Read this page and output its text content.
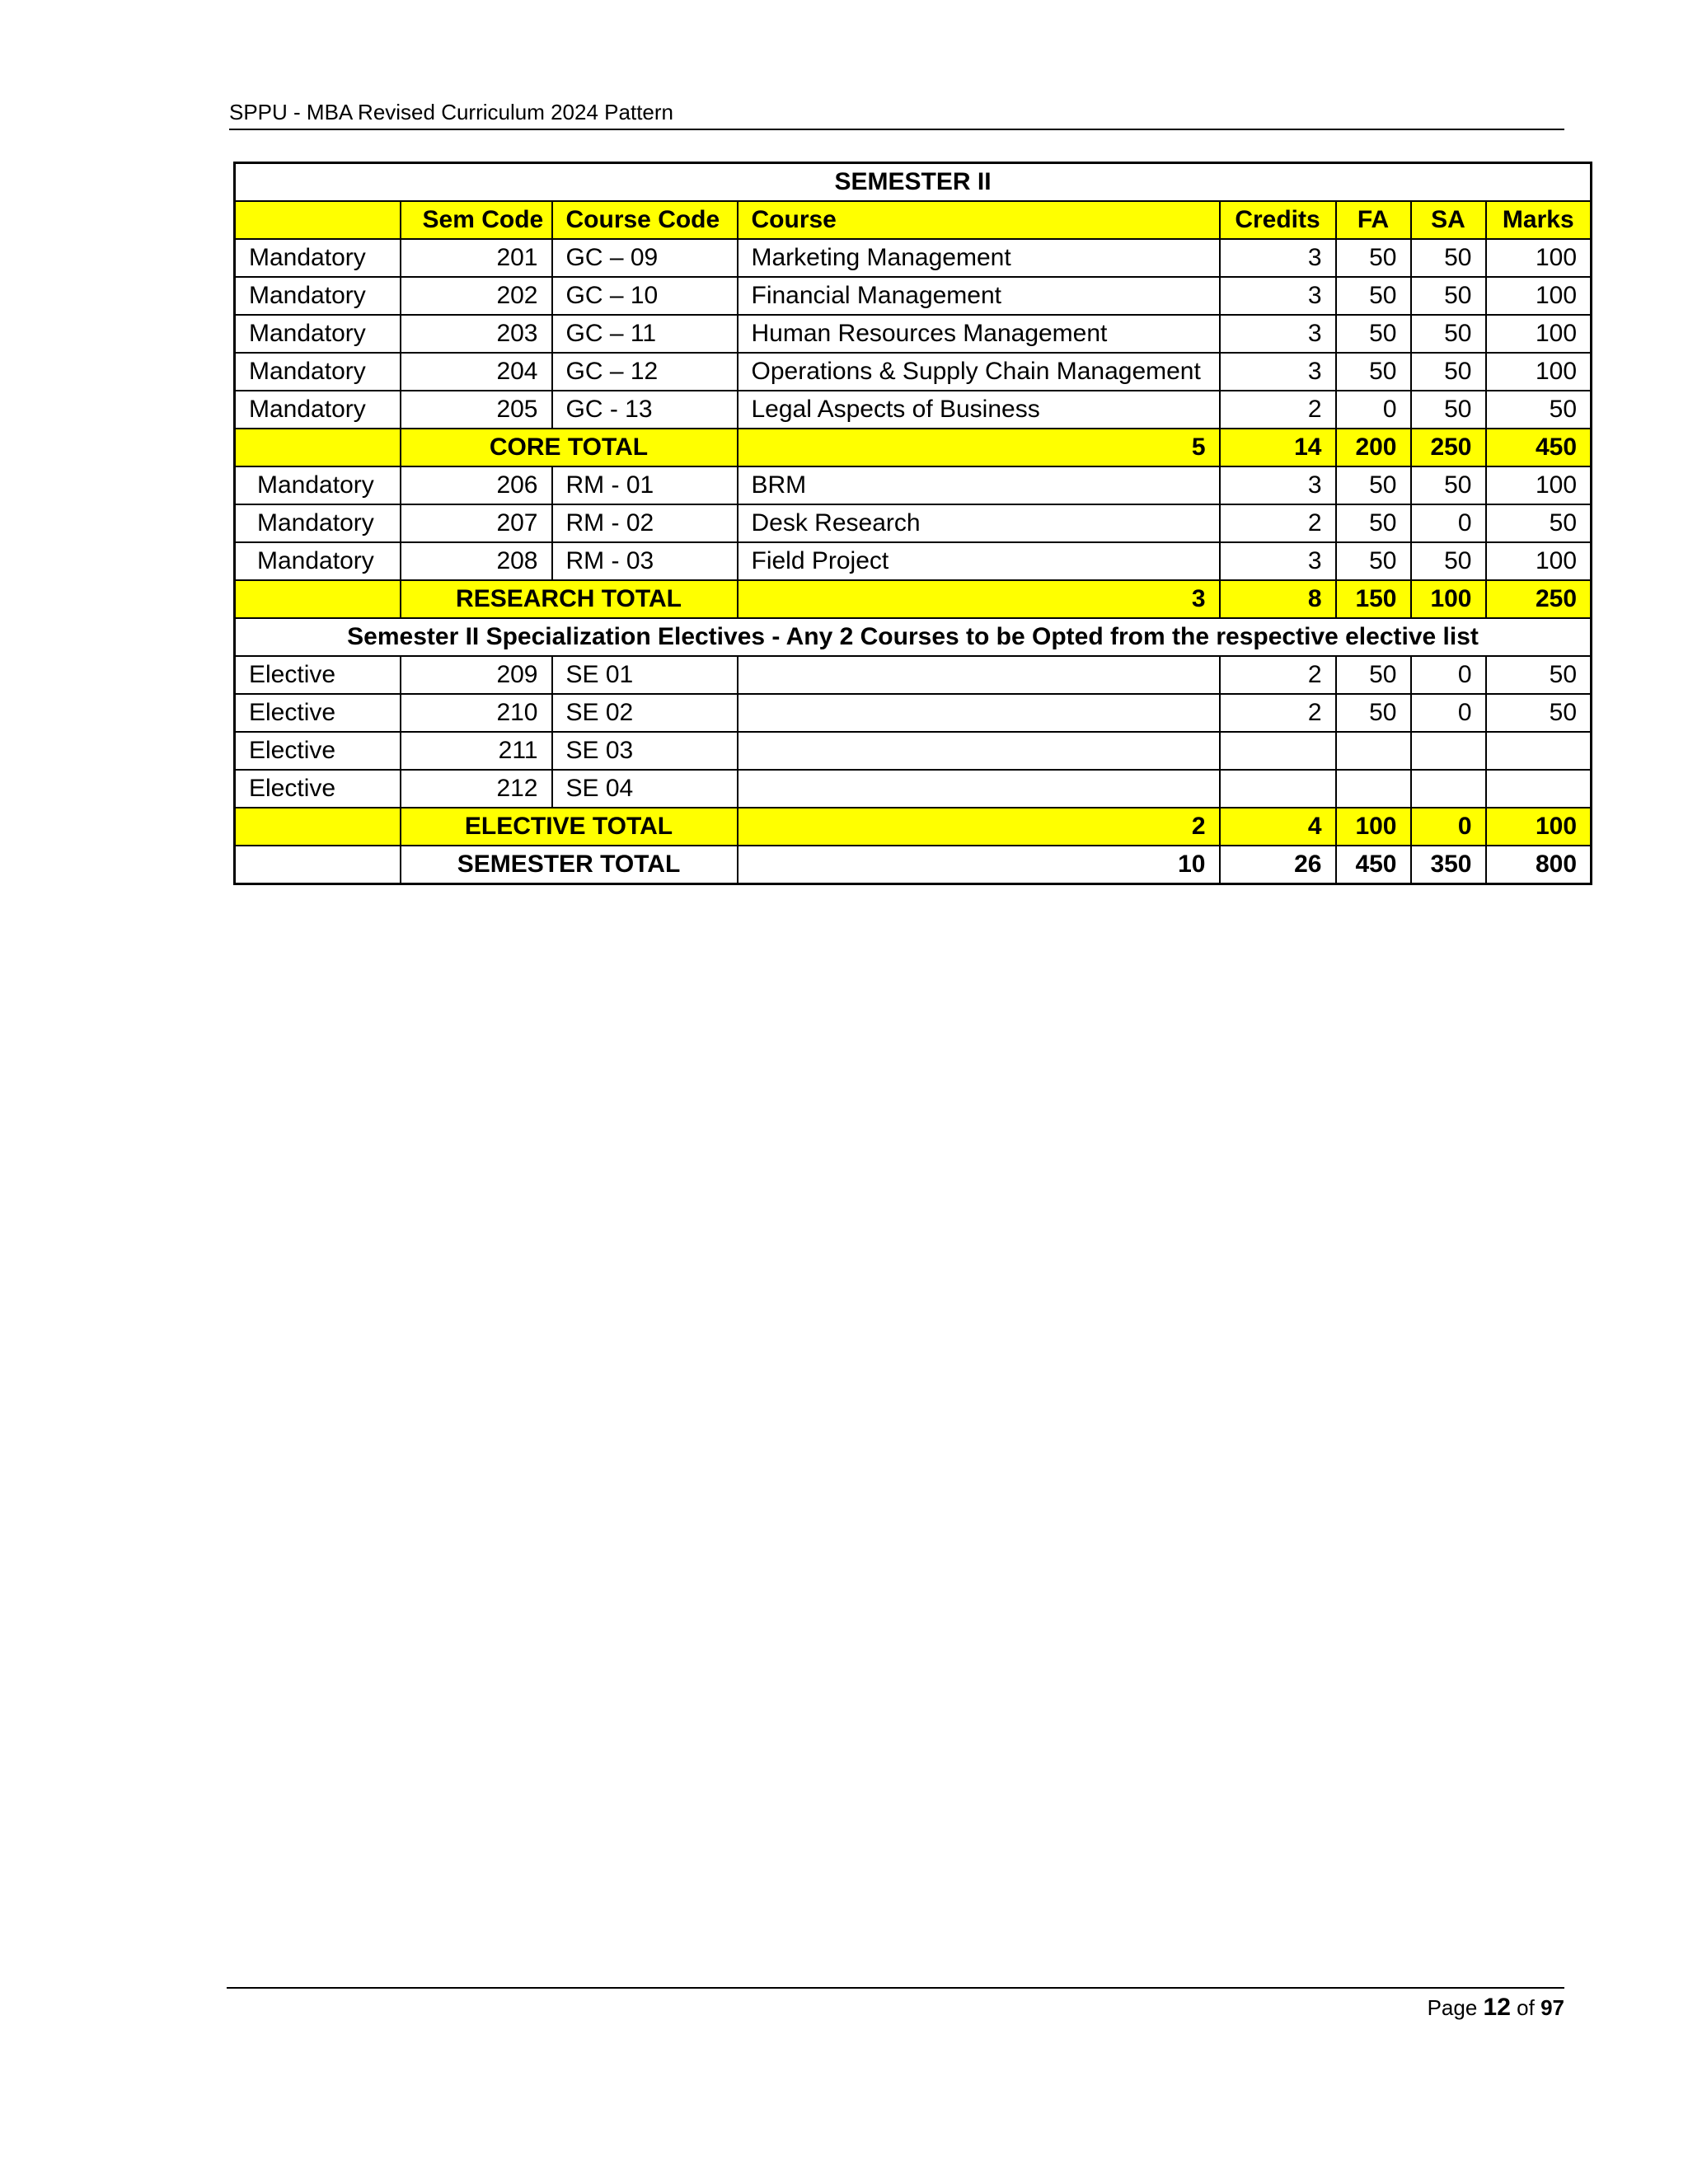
SPPU - MBA Revised Curriculum 2024 Pattern
SEMESTER II							
	Sem Code	Course Code	Course	Credits	FA	SA	Marks
Mandatory	201	GC – 09	Marketing Management	3	50	50	100
Mandatory	202	GC – 10	Financial Management	3	50	50	100
Mandatory	203	GC – 11	Human Resources Management	3	50	50	100
Mandatory	204	GC – 12	Operations & Supply Chain Management	3	50	50	100
Mandatory	205	GC - 13	Legal Aspects of Business	2	0	50	50
	CORE TOTAL		5	14	200	250	450
Mandatory	206	RM - 01	BRM	3	50	50	100
Mandatory	207	RM - 02	Desk Research	2	50	0	50
Mandatory	208	RM - 03	Field Project	3	50	50	100
	RESEARCH TOTAL		3	8	150	100	250
Semester II Specialization Electives - Any 2 Courses to be Opted from the respective elective list							
Elective	209	SE 01		2	50	0	50
Elective	210	SE 02		2	50	0	50
Elective	211	SE 03					
Elective	212	SE 04					
	ELECTIVE TOTAL		2	4	100	0	100
	SEMESTER TOTAL		10	26	450	350	800
Page 12 of 97
